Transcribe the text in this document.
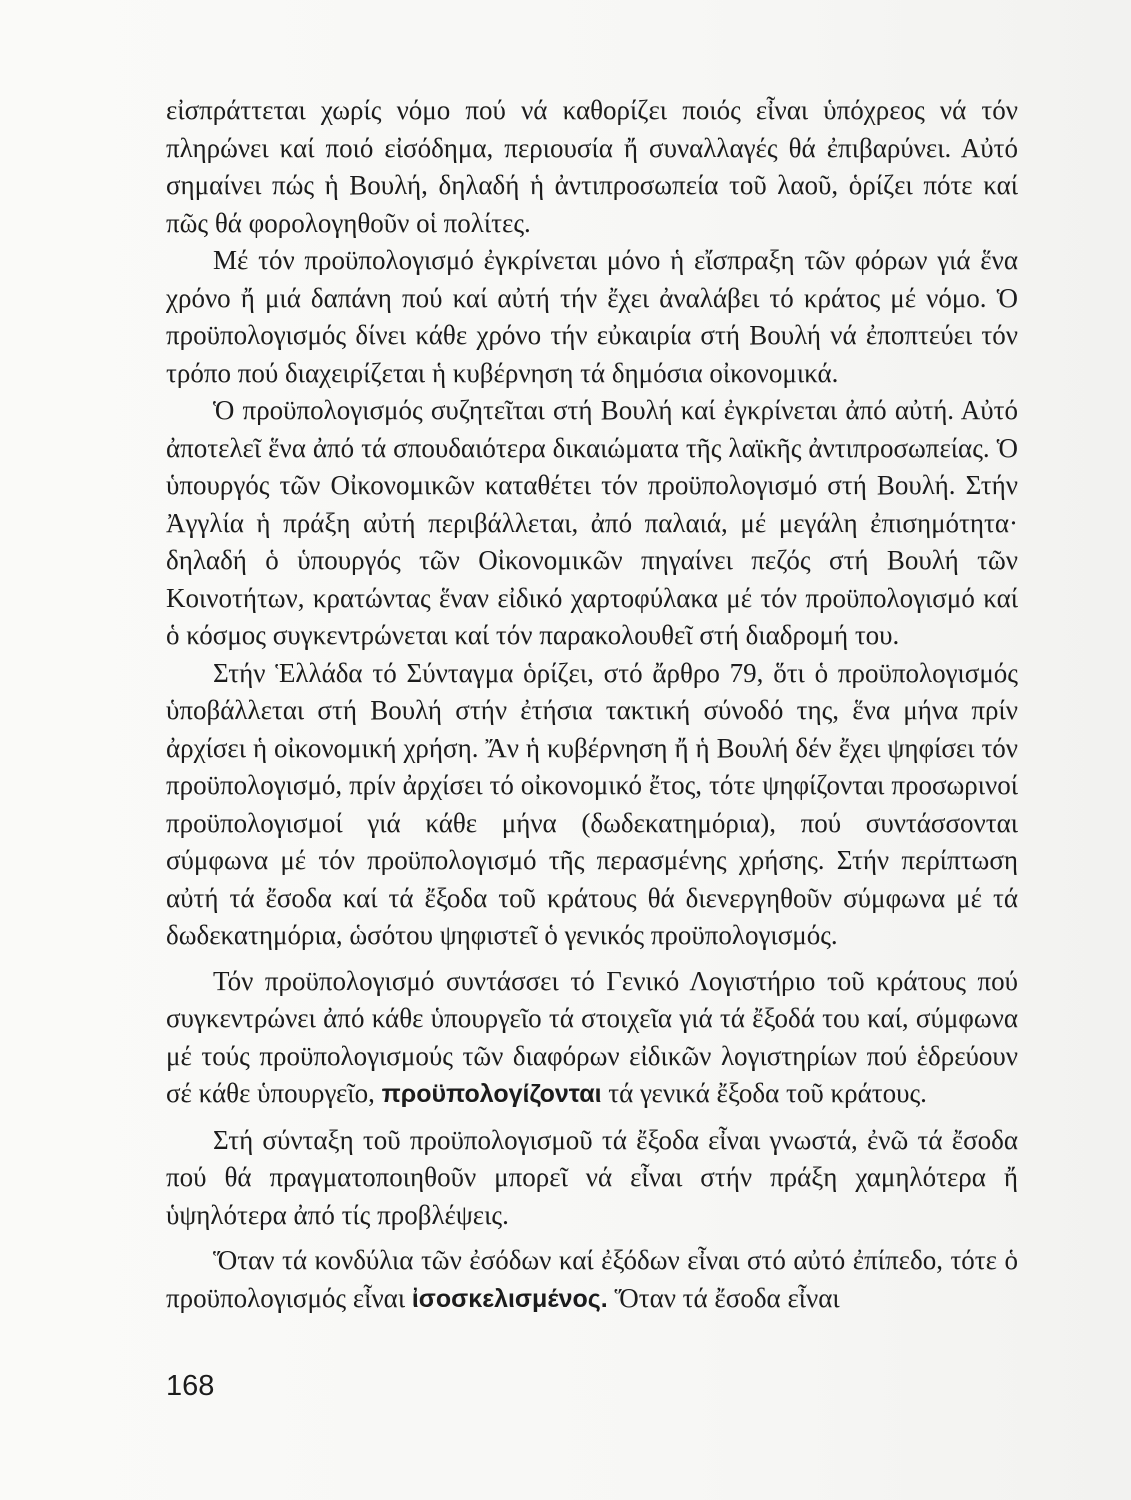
εἰσπράττεται χωρίς νόμο πού νά καθορίζει ποιός εἶναι ὑπόχρεος νά τόν πληρώνει καί ποιό εἰσόδημα, περιουσία ἤ συναλλαγές θά ἐπιβαρύνει. Αὐτό σημαίνει πώς ἡ Βουλή, δηλαδή ἡ ἀντιπροσωπεία τοῦ λαοῦ, ὁρίζει πότε καί πῶς θά φορολογηθοῦν οἱ πολίτες.

Μέ τόν προϋπολογισμό ἐγκρίνεται μόνο ἡ εἴσπραξη τῶν φόρων γιά ἕνα χρόνο ἤ μιά δαπάνη πού καί αὐτή τήν ἔχει ἀναλάβει τό κράτος μέ νόμο. Ὁ προϋπολογισμός δίνει κάθε χρόνο τήν εὐκαιρία στή Βουλή νά ἐποπτεύει τόν τρόπο πού διαχειρίζεται ἡ κυβέρνηση τά δημόσια οἰκονομικά.

Ὁ προϋπολογισμός συζητεῖται στή Βουλή καί ἐγκρίνεται ἀπό αὐτή. Αὐτό ἀποτελεῖ ἕνα ἀπό τά σπουδαιότερα δικαιώματα τῆς λαϊκῆς ἀντιπροσωπείας. Ὁ ὑπουργός τῶν Οἰκονομικῶν καταθέτει τόν προϋπολογισμό στή Βουλή. Στήν Ἀγγλία ἡ πράξη αὐτή περιβάλλεται, ἀπό παλαιά, μέ μεγάλη ἐπισημότητα· δηλαδή ὁ ὑπουργός τῶν Οἰκονομικῶν πηγαίνει πεζός στή Βουλή τῶν Κοινοτήτων, κρατώντας ἕναν εἰδικό χαρτοφύλακα μέ τόν προϋπολογισμό καί ὁ κόσμος συγκεντρώνεται καί τόν παρακολουθεῖ στή διαδρομή του.

Στήν Ἑλλάδα τό Σύνταγμα ὁρίζει, στό ἄρθρο 79, ὅτι ὁ προϋπολογισμός ὑποβάλλεται στή Βουλή στήν ἐτήσια τακτική σύνοδό της, ἕνα μήνα πρίν ἀρχίσει ἡ οἰκονομική χρήση. Ἄν ἡ κυβέρνηση ἤ ἡ Βουλή δέν ἔχει ψηφίσει τόν προϋπολογισμό, πρίν ἀρχίσει τό οἰκονομικό ἔτος, τότε ψηφίζονται προσωρινοί προϋπολογισμοί γιά κάθε μήνα (δωδεκατημόρια), πού συντάσσονται σύμφωνα μέ τόν προϋπολογισμό τῆς περασμένης χρήσης. Στήν περίπτωση αὐτή τά ἔσοδα καί τά ἔξοδα τοῦ κράτους θά διενεργηθοῦν σύμφωνα μέ τά δωδεκατημόρια, ὡσότου ψηφιστεῖ ὁ γενικός προϋπολογισμός.

Τόν προϋπολογισμό συντάσσει τό Γενικό Λογιστήριο τοῦ κράτους πού συγκεντρώνει ἀπό κάθε ὑπουργεῖο τά στοιχεῖα γιά τά ἔξοδά του καί, σύμφωνα μέ τούς προϋπολογισμούς τῶν διαφόρων εἰδικῶν λογιστηρίων πού ἑδρεύουν σέ κάθε ὑπουργεῖο, προϋπολογίζονται τά γενικά ἔξοδα τοῦ κράτους.

Στή σύνταξη τοῦ προϋπολογισμοῦ τά ἔξοδα εἶναι γνωστά, ἐνῶ τά ἔσοδα πού θά πραγματοποιηθοῦν μπορεῖ νά εἶναι στήν πράξη χαμηλότερα ἤ ὑψηλότερα ἀπό τίς προβλέψεις.

Ὅταν τά κονδύλια τῶν ἐσόδων καί ἐξόδων εἶναι στό αὐτό ἐπίπεδο, τότε ὁ προϋπολογισμός εἶναι ἰσοσκελισμένος. Ὅταν τά ἔσοδα εἶναι

168
